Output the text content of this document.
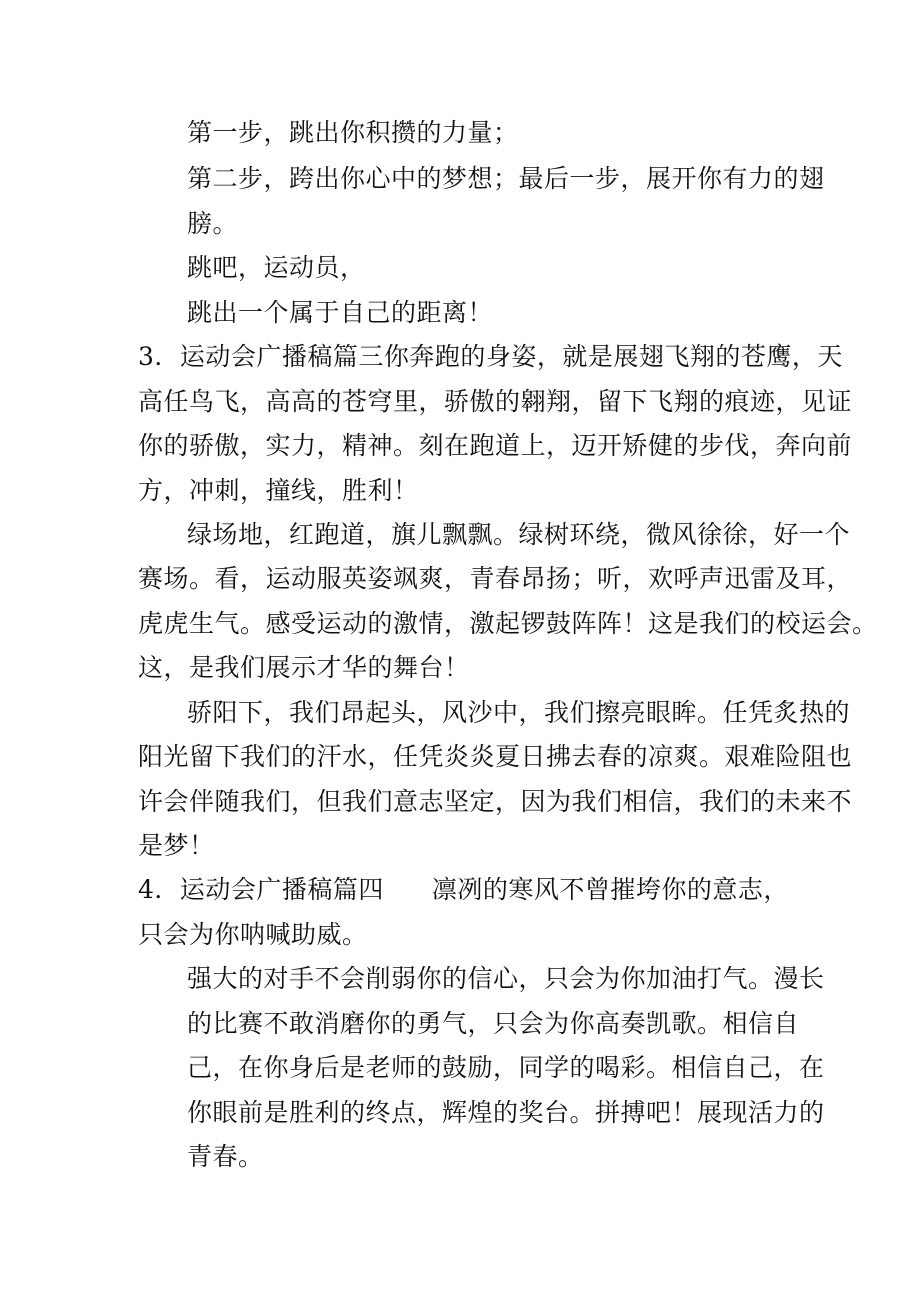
第一步，跳出你积攒的力量；

第二步，跨出你心中的梦想；最后一步，展开你有力的翅

膀。

跳吧，运动员，

跳出一个属于自己的距离！

3．运动会广播稿篇三你奔跑的身姿，就是展翅飞翔的苍鹰，天

高任鸟飞，高高的苍穹里，骄傲的翱翔，留下飞翔的痕迹，见证

你的骄傲，实力，精神。刻在跑道上，迈开矫健的步伐，奔向前

方，冲刺，撞线，胜利！

绿场地，红跑道，旗儿飘飘。绿树环绕，微风徐徐，好一个

赛场。看，运动服英姿飒爽，青春昂扬；听，欢呼声迅雷及耳，

虎虎生气。感受运动的激情，激起锣鼓阵阵！这是我们的校运会。

这，是我们展示才华的舞台！

骄阳下，我们昂起头，风沙中，我们擦亮眼眸。任凭炙热的

阳光留下我们的汗水，任凭炎炎夏日拂去春的凉爽。艰难险阻也

许会伴随我们，但我们意志坚定，因为我们相信，我们的未来不

是梦！

4．运动会广播稿篇四 凛冽的寒风不曾摧垮你的意志，

只会为你呐喊助威。

强大的对手不会削弱你的信心，只会为你加油打气。漫长

的比赛不敢消磨你的勇气，只会为你高奏凯歌。相信自

己，在你身后是老师的鼓励，同学的喝彩。相信自己，在

你眼前是胜利的终点，辉煌的奖台。拼搏吧！展现活力的

青春。
